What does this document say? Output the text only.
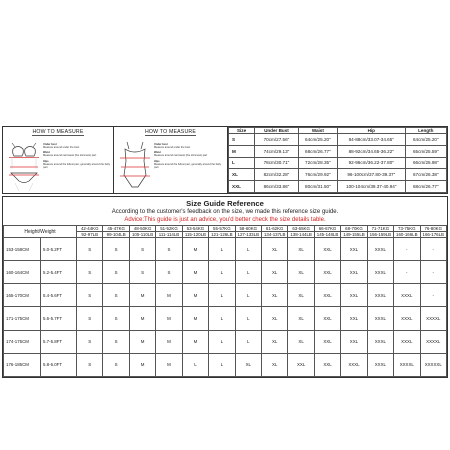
HOW TO MEASURE
Under bust
Measure around under the bust
Waist
Measure around narrowest (the slimmest) part
Hips
Measure around the fullest part, generally around the belly part
HOW TO MEASURE
Under bust
Measure around under the bust
Waist
Measure around narrowest (the slimmest) part
Hips
Measure around the fullest part, generally around the belly part
Size	Under Bust	Waist	Hip	Length
S	70cm/27.56"	64cm/25.20"	84-88cm/33.07-34.65"	64cm/25.20"
M	74cm/29.13"	68cm/26.77"	88-92cm/34.65-36.22"	65cm/25.59"
L	78cm/30.71"	72cm/28.35"	92-96cm/36.22-37.80"	66cm/25.98"
XL	82cm/32.28"	76cm/29.92"	96-100cm/37.80-39.37"	67cm/26.38"
XXL	86cm/33.86"	80cm/31.50"	100-104cm/39.37-40.94"	68cm/26.77"
Size Guide Reference
According to the customer's feedback on the size, we made this reference size guide.
Advice:This guide is just an advice, you'd better check the size details table.
Height/Weight		42-44KG	45-47KG	48-50KG	51-52KG	53-54KG	55-57KG	58-60KG	61-62KG	63-65KG	66-67KG	68-70KG	71-71KG	73-75KG	76-80KG
		92-97LB	99-104LB	105-110LB	111-114LB	115-120LB	121-126LB	127-133LB	134-137LB	138-144LB	145-148LB	149-155LB	156-159LB	160-166LB	166-176LB
153-158CM	5.0-5.2FT	S	S	S	S	M	L	L	XL	XL	XXL	XXL	XXXL	-	-
160-164CM	5.2-5.4FT	S	S	S	S	M	L	L	XL	XL	XXL	XXL	XXXL	-	-
165-170CM	5.4-5.6FT	S	S	M	M	M	L	L	XL	XL	XXL	XXL	XXXL	XXXL	-
171-175CM	5.6-5.7FT	S	S	M	M	M	L	L	XL	XL	XXL	XXL	XXXL	XXXL	XXXXL
174-175CM	5.7-5.8FT	S	S	M	M	M	L	L	XL	XL	XXL	XXL	XXXL	XXXL	XXXXL
176-185CM	5.8-6.0FT	S	S	M	M	L	L	XL	XL	XXL	XXL	XXXL	XXXL	XXXXL	XXXXXL
